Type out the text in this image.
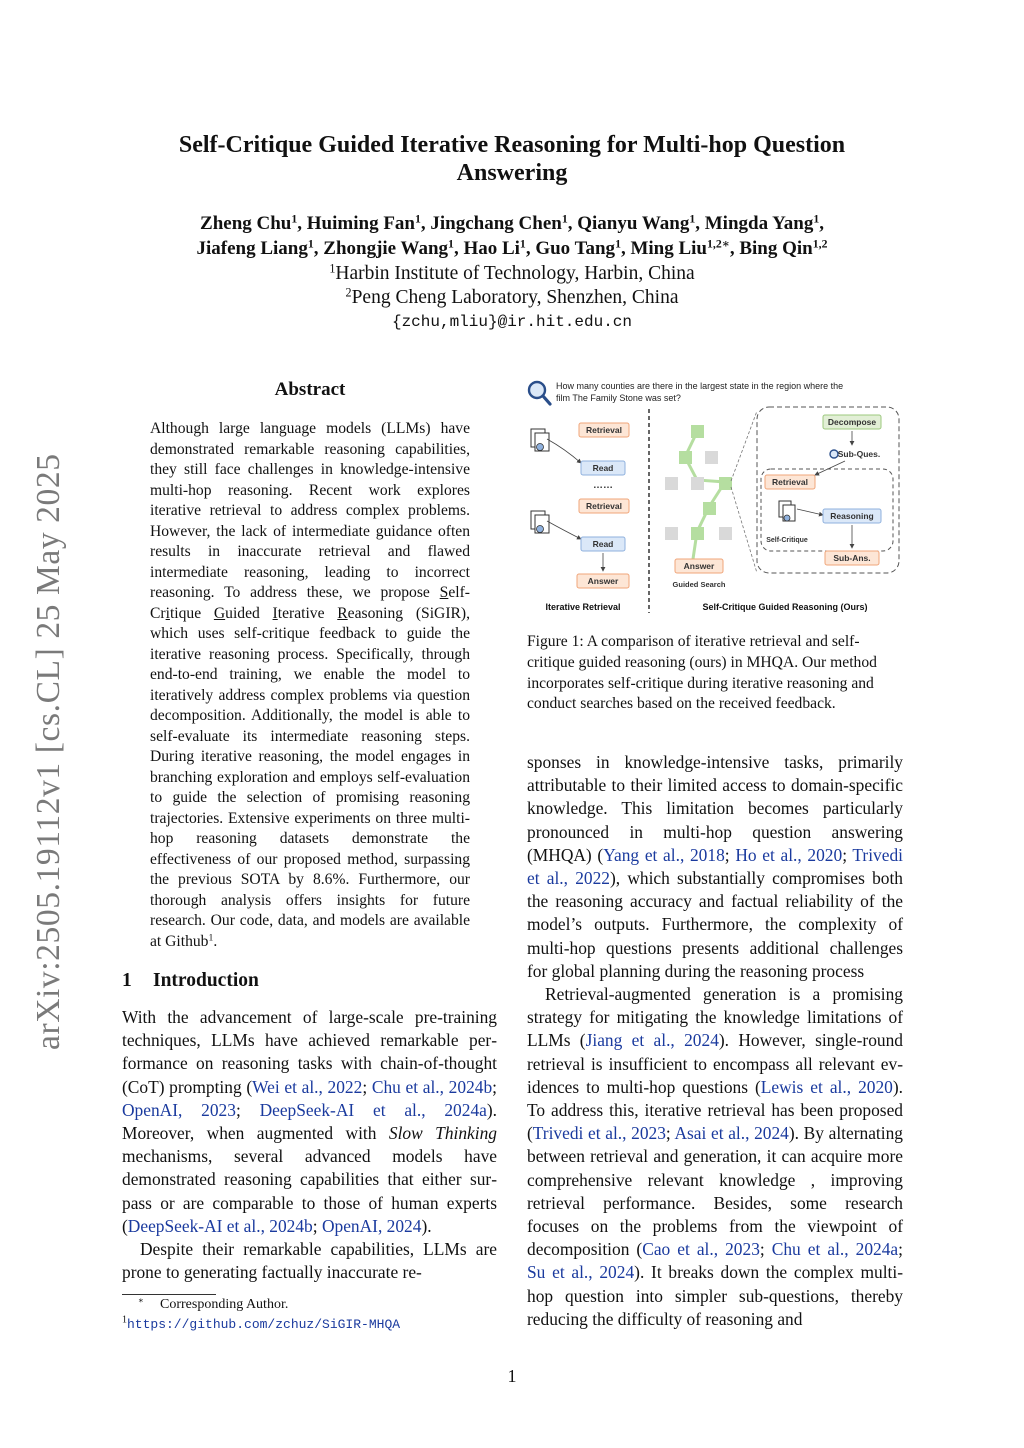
arXiv:2505.19112v1 [cs.CL] 25 May 2025
Self-Critique Guided Iterative Reasoning for Multi-hop Question
Answering
Zheng Chu$^1$, Huiming Fan$^1$, Jingchang Chen$^1$, Qianyu Wang$^1$, Mingda Yang$^1$,
Jiafeng Liang$^1$, Zhongjie Wang$^1$, Hao Li$^1$, Guo Tang$^1$, Ming Liu$^{1,2∗}$, Bing Qin$^{1,2}$
$^1$Harbin Institute of Technology, Harbin, China
$^2$Peng Cheng Laboratory, Shenzhen, China
{zchu,mliu}@ir.hit.edu.cn
Abstract
Although large language models (LLMs) have demonstrated remarkable reasoning capabilities, they still face challenges in knowledge-intensive multi-hop reasoning. Recent work explores iterative retrieval to address complex problems. However, the lack of intermediate guidance often results in inaccurate retrieval and flawed intermediate reasoning, leading to incorrect reasoning. To address these, we propose Self-Critique Guided Iterative Reasoning (SiGIR), which uses self-critique feedback to guide the iterative reasoning process. Specifically, through end-to-end training, we enable the model to iteratively address complex problems via question decomposition. Additionally, the model is able to self-evaluate its intermediate reasoning steps. During iterative reasoning, the model engages in branching exploration and employs self-evaluation to guide the selection of promising reasoning trajectories. Extensive experiments on three multi-hop reasoning datasets demonstrate the effectiveness of our proposed method, surpassing the previous SOTA by 8.6%. Furthermore, our thorough analysis offers insights for future research. Our code, data, and models are available at Github$^1$.
1 Introduction

With the advancement of large-scale pre-training techniques, LLMs have achieved remarkable performance on reasoning tasks with chain-of-thought (CoT) prompting (Wei et al., 2022; Chu et al., 2024b; OpenAI, 2023; DeepSeek-AI et al., 2024a). Moreover, when augmented with Slow Thinking mechanisms, several advanced models have demonstrated reasoning capabilities that either surpass or are comparable to those of human experts (DeepSeek-AI et al., 2024b; OpenAI, 2024).

Despite their remarkable capabilities, LLMs are prone to generating factually inaccurate re-

How many counties are there in the largest state in the region where the
film The Family Stone was set?
Retrieval
Read
……
Retrieval
Read
Answer
Iterative Retrieval
Answer
Guided Search
Decompose
Sub-Ques.
Retrieval
Reasoning
Self-Critique
Sub-Ans.
Self-Critique Guided Reasoning (Ours)
Figure 1: A comparison of iterative retrieval and self-critique guided reasoning (ours) in MHQA. Our method incorporates self-critique during iterative reasoning and conduct searches based on the received feedback.

sponses in knowledge-intensive tasks, primarily attributable to their limited access to domain-specific knowledge. This limitation becomes particularly pronounced in multi-hop question answering (MHQA) (Yang et al., 2018; Ho et al., 2020; Trivedi et al., 2022), which substantially compromises both the reasoning accuracy and factual reliability of the model’s outputs. Furthermore, the complexity of multi-hop questions presents additional challenges for global planning during the reasoning process

Retrieval-augmented generation is a promising strategy for mitigating the knowledge limitations of LLMs (Jiang et al., 2024). However, single-round retrieval is insufficient to encompass all relevant evidences to multi-hop questions (Lewis et al., 2020). To address this, iterative retrieval has been proposed (Trivedi et al., 2023; Asai et al., 2024). By alternating between retrieval and generation, it can acquire more comprehensive relevant knowledge , improving retrieval performance. Besides, some research focuses on the problems from the viewpoint of decomposition (Cao et al., 2023; Chu et al., 2024a; Su et al., 2024). It breaks down the complex multi-hop question into simpler sub-questions, thereby reducing the difficulty of reasoning and

∗ Corresponding Author.
$^1$https://github.com/zchuz/SiGIR-MHQA
1
